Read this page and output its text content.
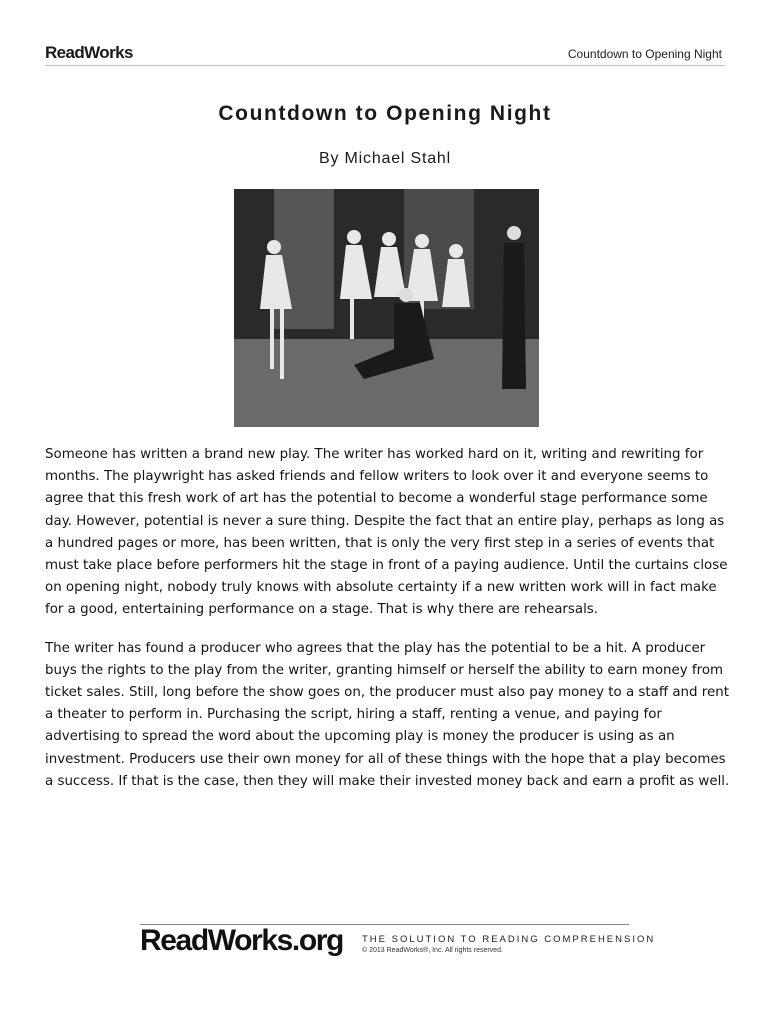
ReadWorks	Countdown to Opening Night
Countdown to Opening Night
By Michael Stahl

Someone has written a brand new play. The writer has worked hard on it, writing and rewriting for months. The playwright has asked friends and fellow writers to look over it and everyone seems to agree that this fresh work of art has the potential to become a wonderful stage performance some day. However, potential is never a sure thing. Despite the fact that an entire play, perhaps as long as a hundred pages or more, has been written, that is only the very first step in a series of events that must take place before performers hit the stage in front of a paying audience. Until the curtains close on opening night, nobody truly knows with absolute certainty if a new written work will in fact make for a good, entertaining performance on a stage. That is why there are rehearsals.

The writer has found a producer who agrees that the play has the potential to be a hit. A producer buys the rights to the play from the writer, granting himself or herself the ability to earn money from ticket sales. Still, long before the show goes on, the producer must also pay money to a staff and rent a theater to perform in. Purchasing the script, hiring a staff, renting a venue, and paying for advertising to spread the word about the upcoming play is money the producer is using as an investment. Producers use their own money for all of these things with the hope that a play becomes a success. If that is the case, then they will make their invested money back and earn a profit as well.

ReadWorks.org THE SOLUTION TO READING COMPREHENSION
© 2013 ReadWorks®, Inc. All rights reserved.
